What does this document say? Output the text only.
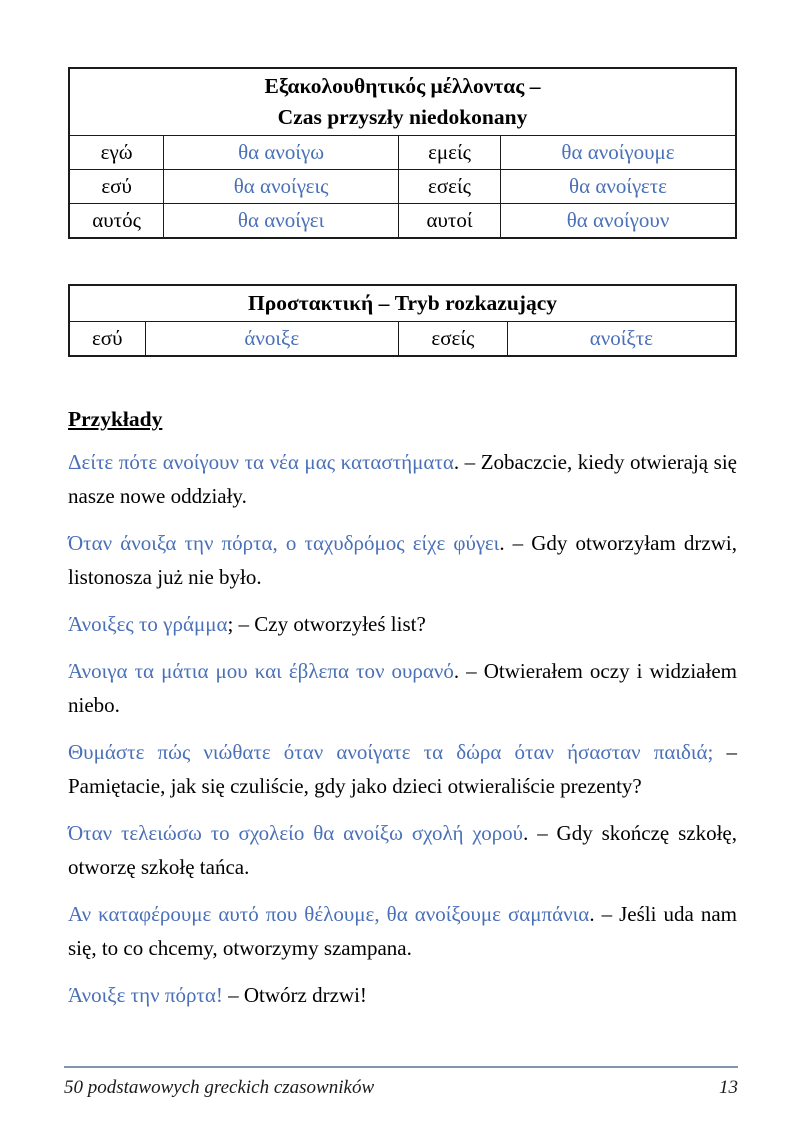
Εξακολουθητικός μέλλοντας –
Czas przyszły niedokonany			

εγώ	θα ανοίγω	εμείς	θα ανοίγουμε
εσύ	θα ανοίγεις	εσείς	θα ανοίγετε
αυτός	θα ανοίγει	αυτοί	θα ανοίγουν
Προστακτική – Tryb rozkazujący
εσύ	άνοιξε	εσείς	ανοίξτε
Przykłady

Δείτε πότε ανοίγουν τα νέα μας καταστήματα. – Zobaczcie, kiedy otwierają się nasze nowe oddziały.

Όταν άνοιξα την πόρτα, ο ταχυδρόμος είχε φύγει. – Gdy otworzyłam drzwi, listonosza już nie było.

Άνοιξες το γράμμα; – Czy otworzyłeś list?

Άνοιγα τα μάτια μου και έβλεπα τον ουρανό. – Otwierałem oczy i widziałem niebo.

Θυμάστε πώς νιώθατε όταν ανοίγατε τα δώρα όταν ήσασταν παιδιά; – Pamiętacie, jak się czuliście, gdy jako dzieci otwieraliście prezenty?

Όταν τελειώσω το σχολείο θα ανοίξω σχολή χορού. – Gdy skończę szkołę, otworzę szkołę tańca.

Αν καταφέρουμε αυτό που θέλουμε, θα ανοίξουμε σαμπάνια. – Jeśli uda nam się, to co chcemy, otworzymy szampana.

Άνοιξε την πόρτα! – Otwórz drzwi!

50 podstawowych greckich czasowników	13
